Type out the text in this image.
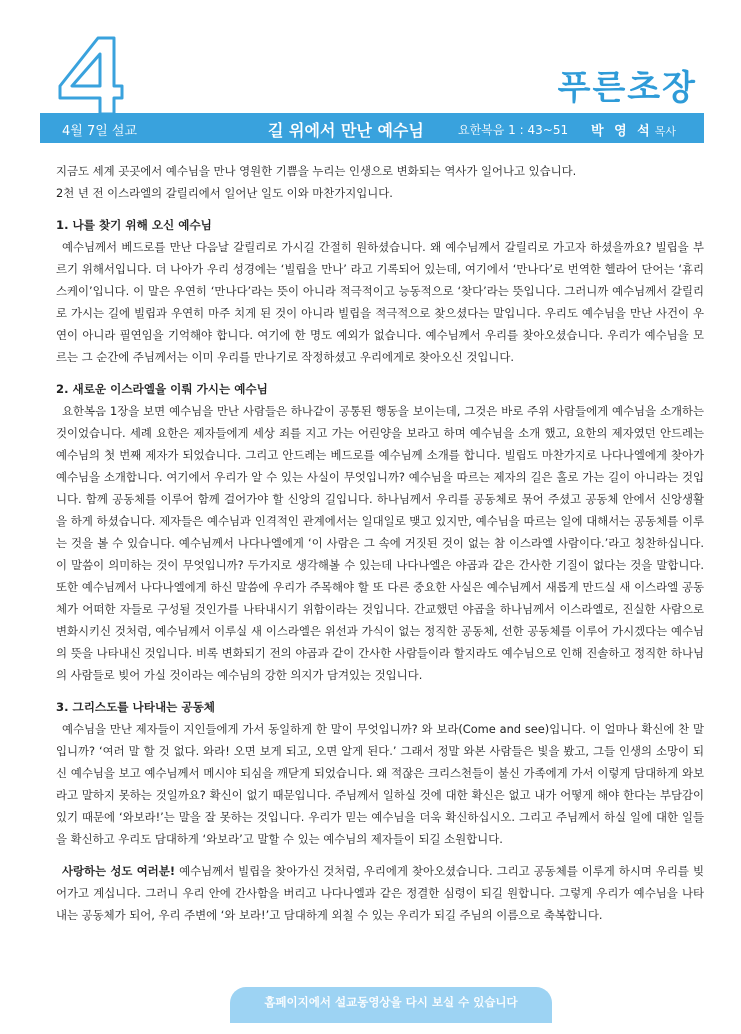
4
푸른초장
4월 7일 설교	길 위에서 만난 예수님	요한복음 1 : 43~51 박 영 석 목사

지금도 세계 곳곳에서 예수님을 만나 영원한 기쁨을 누리는 인생으로 변화되는 역사가 일어나고 있습니다.

2천 년 전 이스라엘의 갈릴리에서 일어난 일도 이와 마찬가지입니다.

1. 나를 찾기 위해 오신 예수님

예수님께서 베드로를 만난 다음날 갈릴리로 가시길 간절히 원하셨습니다. 왜 예수님께서 갈릴리로 가고자 하셨을까요? 빌립을 부르기 위해서입니다. 더 나아가 우리 성경에는 ‘빌립을 만나’ 라고 기록되어 있는데, 여기에서 ‘만나다’로 번역한 헬라어 단어는 ‘휴리스케이’입니다. 이 말은 우연히 ‘만나다’라는 뜻이 아니라 적극적이고 능동적으로 ‘찾다’라는 뜻입니다. 그러니까 예수님께서 갈릴리로 가시는 길에 빌립과 우연히 마주 치게 된 것이 아니라 빌립을 적극적으로 찾으셨다는 말입니다. 우리도 예수님을 만난 사건이 우연이 아니라 필연임을 기억해야 합니다. 여기에 한 명도 예외가 없습니다. 예수님께서 우리를 찾아오셨습니다. 우리가 예수님을 모르는 그 순간에 주님께서는 이미 우리를 만나기로 작정하셨고 우리에게로 찾아오신 것입니다.

2. 새로운 이스라엘을 이뤄 가시는 예수님

요한복음 1장을 보면 예수님을 만난 사람들은 하나같이 공통된 행동을 보이는데, 그것은 바로 주위 사람들에게 예수님을 소개하는 것이었습니다. 세례 요한은 제자들에게 세상 죄를 지고 가는 어린양을 보라고 하며 예수님을 소개 했고, 요한의 제자였던 안드레는 예수님의 첫 번째 제자가 되었습니다. 그리고 안드레는 베드로를 예수님께 소개를 합니다. 빌립도 마찬가지로 나다나엘에게 찾아가 예수님을 소개합니다. 여기에서 우리가 알 수 있는 사실이 무엇입니까? 예수님을 따르는 제자의 길은 홀로 가는 길이 아니라는 것입니다. 함께 공동체를 이루어 함께 걸어가야 할 신앙의 길입니다. 하나님께서 우리를 공동체로 묶어 주셨고 공동체 안에서 신앙생활을 하게 하셨습니다. 제자들은 예수님과 인격적인 관계에서는 일대일로 맺고 있지만, 예수님을 따르는 일에 대해서는 공동체를 이루는 것을 볼 수 있습니다. 예수님께서 나다나엘에게 ‘이 사람은 그 속에 거짓된 것이 없는 참 이스라엘 사람이다.’라고 칭찬하십니다. 이 말씀이 의미하는 것이 무엇입니까? 두가지로 생각해볼 수 있는데 나다나엘은 야곱과 같은 간사한 기질이 없다는 것을 말합니다. 또한 예수님께서 나다나엘에게 하신 말씀에 우리가 주목해야 할 또 다른 중요한 사실은 예수님께서 새롭게 만드실 새 이스라엘 공동체가 어떠한 자들로 구성될 것인가를 나타내시기 위함이라는 것입니다. 간교했던 야곱을 하나님께서 이스라엘로, 진실한 사람으로 변화시키신 것처럼, 예수님께서 이루실 새 이스라엘은 위선과 가식이 없는 정직한 공동체, 선한 공동체를 이루어 가시겠다는 예수님의 뜻을 나타내신 것입니다. 비록 변화되기 전의 야곱과 같이 간사한 사람들이라 할지라도 예수님으로 인해 진솔하고 정직한 하나님의 사람들로 빚어 가실 것이라는 예수님의 강한 의지가 담겨있는 것입니다.

3. 그리스도를 나타내는 공동체

예수님을 만난 제자들이 지인들에게 가서 동일하게 한 말이 무엇입니까? 와 보라(Come and see)입니다. 이 얼마나 확신에 찬 말입니까? ‘여러 말 할 것 없다. 와라! 오면 보게 되고, 오면 알게 된다.’ 그래서 정말 와본 사람들은 빛을 봤고, 그들 인생의 소망이 되신 예수님을 보고 예수님께서 메시야 되심을 깨닫게 되었습니다. 왜 적잖은 크리스천들이 불신 가족에게 가서 이렇게 담대하게 와보라고 말하지 못하는 것일까요? 확신이 없기 때문입니다. 주님께서 일하실 것에 대한 확신은 없고 내가 어떻게 해야 한다는 부담감이 있기 때문에 ‘와보라!’는 말을 잘 못하는 것입니다. 우리가 믿는 예수님을 더욱 확신하십시오. 그리고 주님께서 하실 일에 대한 일들을 확신하고 우리도 담대하게 ‘와보라’고 말할 수 있는 예수님의 제자들이 되길 소원합니다.

사랑하는 성도 여러분! 예수님께서 빌립을 찾아가신 것처럼, 우리에게 찾아오셨습니다. 그리고 공동체를 이루게 하시며 우리를 빚어가고 계십니다. 그러니 우리 안에 간사함을 버리고 나다나엘과 같은 정결한 심령이 되길 원합니다. 그렇게 우리가 예수님을 나타내는 공동체가 되어, 우리 주변에 ‘와 보라!’고 담대하게 외칠 수 있는 우리가 되길 주님의 이름으로 축복합니다.

홈페이지에서 설교동영상을 다시 보실 수 있습니다
